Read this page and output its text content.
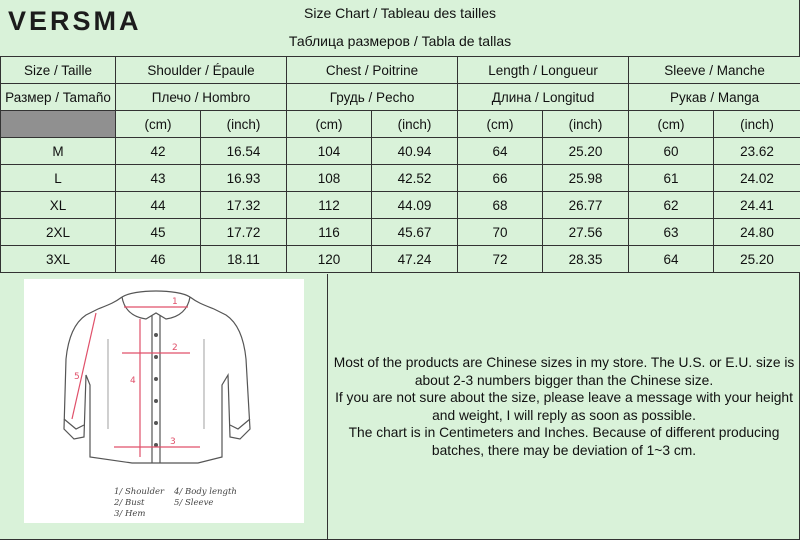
VERSMA	Size Chart / Tableau des tailles
Таблица размеров / Tabla de tallas
Size / Taille	Shoulder / Épaule		Chest / Poitrine		Length / Longueur		Sleeve / Manche	
Размер / Tamaño	Плечо / Hombro		Грудь / Pecho		Длина / Longitud		Рукав / Manga	
	(cm)	(inch)	(cm)	(inch)	(cm)	(inch)	(cm)	(inch)
M	42	16.54	104	40.94	64	25.20	60	23.62
L	43	16.93	108	42.52	66	25.98	61	24.02
XL	44	17.32	112	44.09	68	26.77	62	24.41
2XL	45	17.72	116	45.67	70	27.56	63	24.80
3XL	46	18.11	120	47.24	72	28.35	64	25.20
1
2
3
4
5
1/ Shoulder 4/ Body length
2/ Bust	5/ Sleeve
3/ Hem
Most of the products are Chinese sizes in my store. The U.S. or E.U. size is
about 2-3 numbers bigger than the Chinese size.
If you are not sure about the size, please leave a message with your height
and weight, I will reply as soon as possible.
The chart is in Centimeters and Inches. Because of different producing
batches, there may be deviation of 1~3 cm.
